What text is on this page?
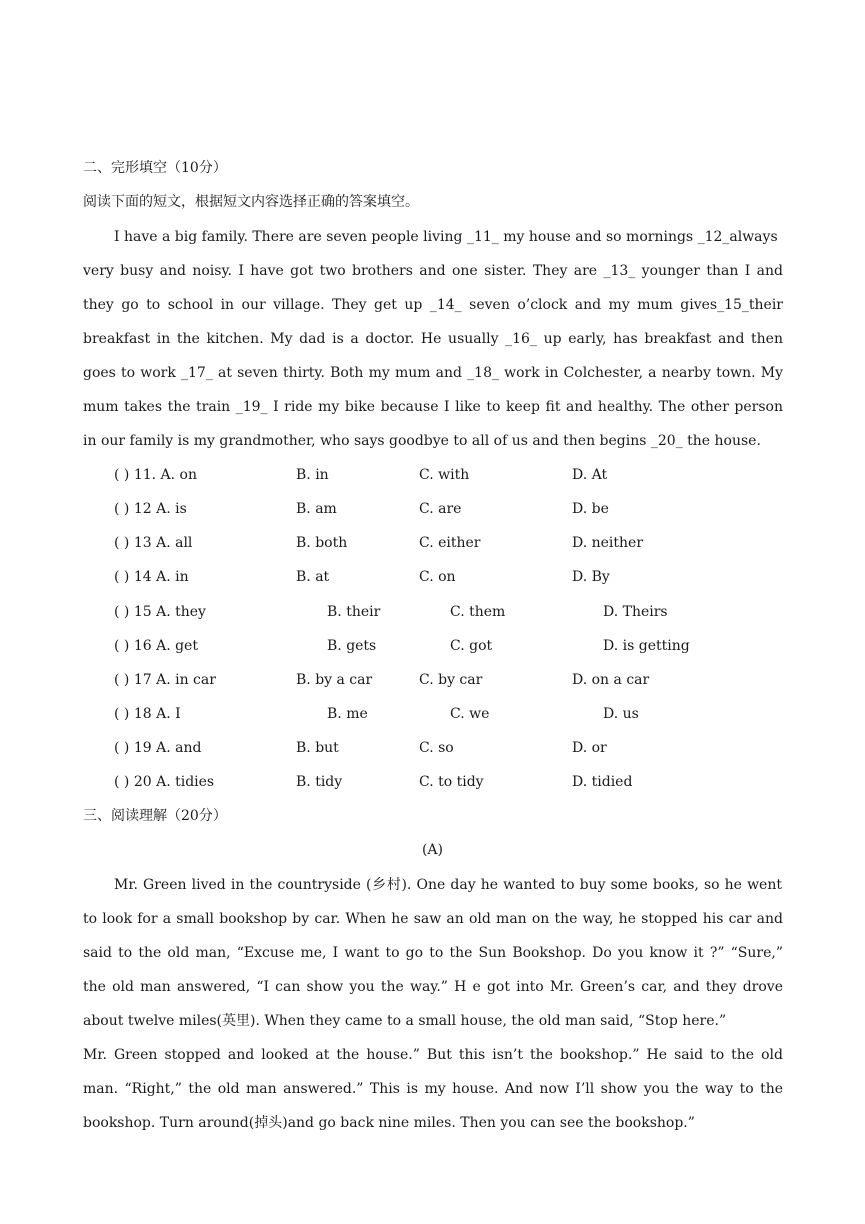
二、完形填空（10分）
阅读下面的短文，根据短文内容选择正确的答案填空。
I have a big family. There are seven people living _11_ my house and so mornings _12_always
very busy and noisy. I have got two brothers and one sister. They are _13_ younger than I and
they go to school in our village. They get up _14_ seven o’clock and my mum gives_15_their
breakfast in the kitchen. My dad is a doctor. He usually _16_ up early, has breakfast and then
goes to work _17_ at seven thirty. Both my mum and _18_ work in Colchester, a nearby town. My
mum takes the train _19_ I ride my bike because I like to keep fit and healthy. The other person
in our family is my grandmother, who says goodbye to all of us and then begins _20_ the house.
( ) 11. A. on	B. in	C. with	D. At
( ) 12 A. is	B. am	C. are	D. be
( ) 13 A. all	B. both	C. either	D. neither
( ) 14 A. in	B. at	C. on	D. By
( ) 15 A. they	B. their	C. them	D. Theirs
( ) 16 A. get	B. gets	C. got	D. is getting
( ) 17 A. in car	B. by a car	C. by car	D. on a car
( ) 18 A. I	B. me	C. we	D. us
( ) 19 A. and	B. but	C. so	D. or
( ) 20 A. tidies	B. tidy	C. to tidy	D. tidied
三、阅读理解（20分）
(A)
Mr. Green lived in the countryside (乡村). One day he wanted to buy some books, so he went
to look for a small bookshop by car. When he saw an old man on the way, he stopped his car and
said to the old man, “Excuse me, I want to go to the Sun Bookshop. Do you know it ?” “Sure,”
the old man answered, “I can show you the way.” H e got into Mr. Green’s car, and they drove
about twelve miles(英里). When they came to a small house, the old man said, “Stop here.”
Mr. Green stopped and looked at the house.” But this isn’t the bookshop.” He said to the old
man. “Right,” the old man answered.” This is my house. And now I’ll show you the way to the
bookshop. Turn around(掉头)and go back nine miles. Then you can see the bookshop.”
